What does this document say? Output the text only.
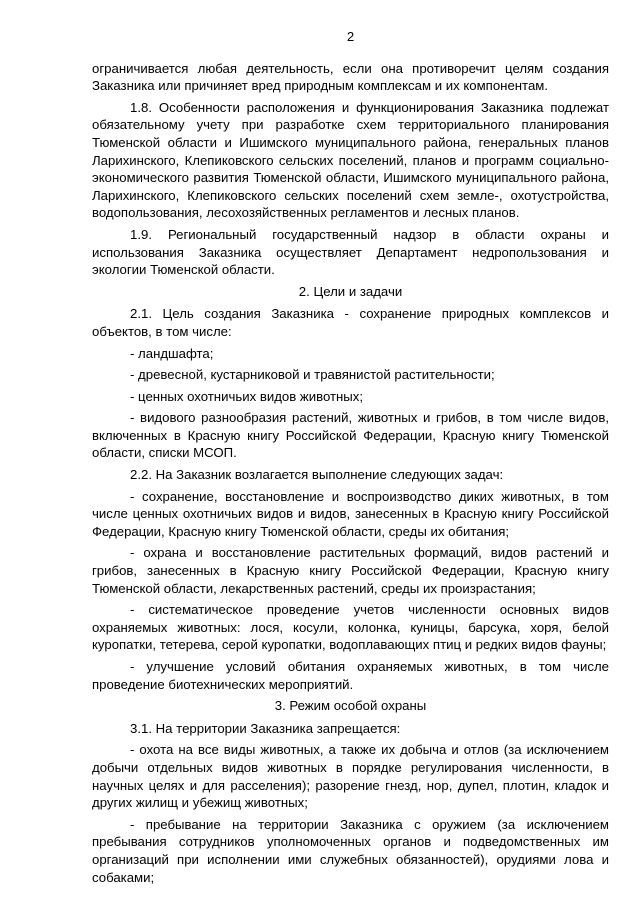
2

ограничивается любая деятельность, если она противоречит целям создания Заказника или причиняет вред природным комплексам и их компонентам.

1.8. Особенности расположения и функционирования Заказника подлежат обязательному учету при разработке схем территориального планирования Тюменской области и Ишимского муниципального района, генеральных планов Ларихинского, Клепиковского сельских поселений, планов и программ социально-экономического развития Тюменской области, Ишимского муниципального района, Ларихинского, Клепиковского сельских поселений схем земле-, охотустройства, водопользования, лесохозяйственных регламентов и лесных планов.

1.9. Региональный государственный надзор в области охраны и использования Заказника осуществляет Департамент недропользования и экологии Тюменской области.

2. Цели и задачи

2.1. Цель создания Заказника - сохранение природных комплексов и объектов, в том числе:

- ландшафта;

- древесной, кустарниковой и травянистой растительности;

- ценных охотничьих видов животных;

- видового разнообразия растений, животных и грибов, в том числе видов, включенных в Красную книгу Российской Федерации, Красную книгу Тюменской области, списки МСОП.

2.2. На Заказник возлагается выполнение следующих задач:

- сохранение, восстановление и воспроизводство диких животных, в том числе ценных охотничьих видов и видов, занесенных в Красную книгу Российской Федерации, Красную книгу Тюменской области, среды их обитания;

- охрана и восстановление растительных формаций, видов растений и грибов, занесенных в Красную книгу Российской Федерации, Красную книгу Тюменской области, лекарственных растений, среды их произрастания;

- систематическое проведение учетов численности основных видов охраняемых животных: лося, косули, колонка, куницы, барсука, хоря, белой куропатки, тетерева, серой куропатки, водоплавающих птиц и редких видов фауны;

- улучшение условий обитания охраняемых животных, в том числе проведение биотехнических мероприятий.

3. Режим особой охраны

3.1. На территории Заказника запрещается:

- охота на все виды животных, а также их добыча и отлов (за исключением добычи отдельных видов животных в порядке регулирования численности, в научных целях и для расселения); разорение гнезд, нор, дупел, плотин, кладок и других жилищ и убежищ животных;

- пребывание на территории Заказника с оружием (за исключением пребывания сотрудников уполномоченных органов и подведомственных им организаций при исполнении ими служебных обязанностей), орудиями лова и собаками;
